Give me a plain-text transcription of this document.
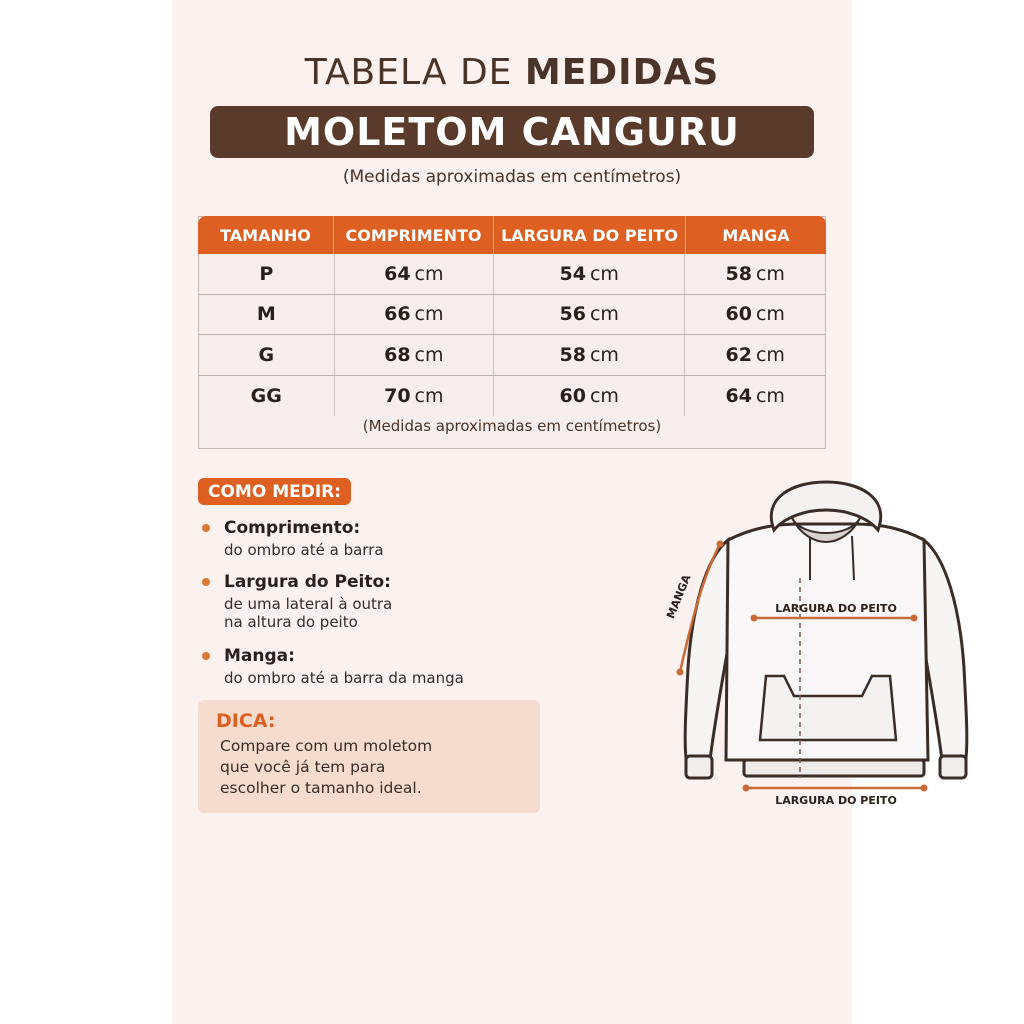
TABELA DE MEDIDAS
MOLETOM CANGURU
(Medidas aproximadas em centímetros)
TAMANHO	COMPRIMENTO	LARGURA DO PEITO	MANGA
P	64 cm	54 cm	58 cm
M	66 cm	56 cm	60 cm
G	68 cm	58 cm	62 cm
GG	70 cm	60 cm	64 cm
(Medidas aproximadas em centímetros)
COMO MEDIR:
Comprimento:
do ombro até a barra
Largura do Peito:
de uma lateral à outra
na altura do peito
Manga:
do ombro até a barra da manga
DICA:
Compare com um moletom
que você já tem para
escolher o tamanho ideal.
LARGURA DO PEITO
LARGURA DO PEITO
MANGA
